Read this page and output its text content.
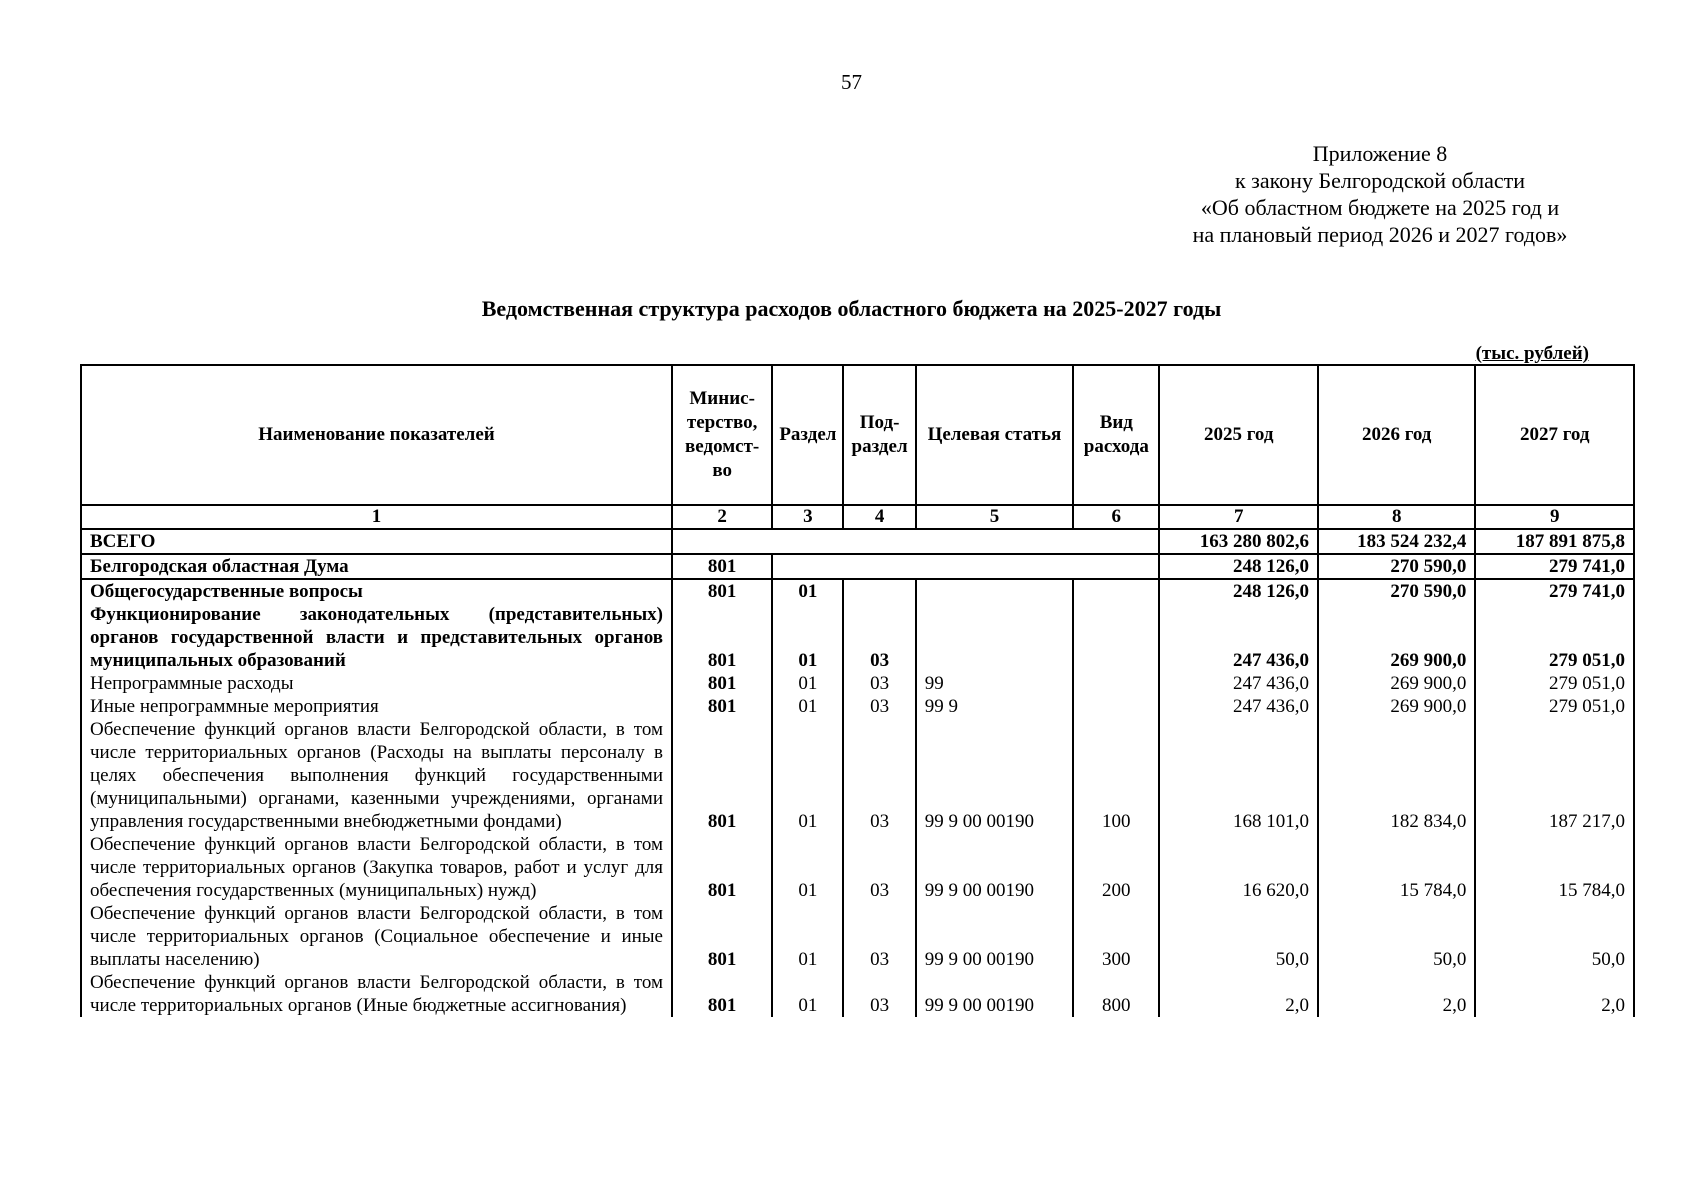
57
Приложение 8
к закону Белгородской области
«Об областном бюджете на 2025 год и
на плановый период 2026 и 2027 годов»
Ведомственная структура расходов областного бюджета на 2025-2027 годы
(тыс. рублей)
Наименование показателей	Минис-терство, ведомст-во	Раздел	Под-раздел	Целевая статья	Вид расхода	2025 год	2026 год	2027 год
1	2	3	4	5	6	7	8	9
ВСЕГО						163 280 802,6	183 524 232,4	187 891 875,8
Белгородская областная Дума	801					248 126,0	270 590,0	279 741,0
Общегосударственные вопросы	801	01				248 126,0	270 590,0	279 741,0
Функционирование законодательных (представительных) органов государственной власти и представительных органов муниципальных образований	801	01	03			247 436,0	269 900,0	279 051,0
Непрограммные расходы	801	01	03	99		247 436,0	269 900,0	279 051,0
Иные непрограммные мероприятия	801	01	03	99 9		247 436,0	269 900,0	279 051,0
Обеспечение функций органов власти Белгородской области, в том числе территориальных органов (Расходы на выплаты персоналу в целях обеспечения выполнения функций государственными (муниципальными) органами, казенными учреждениями, органами управления государственными внебюджетными фондами)	801	01	03	99 9 00 00190	100	168 101,0	182 834,0	187 217,0
Обеспечение функций органов власти Белгородской области, в том числе территориальных органов (Закупка товаров, работ и услуг для обеспечения государственных (муниципальных) нужд)	801	01	03	99 9 00 00190	200	16 620,0	15 784,0	15 784,0
Обеспечение функций органов власти Белгородской области, в том числе территориальных органов (Социальное обеспечение и иные выплаты населению)	801	01	03	99 9 00 00190	300	50,0	50,0	50,0
Обеспечение функций органов власти Белгородской области, в том числе территориальных органов (Иные бюджетные ассигнования)	801	01	03	99 9 00 00190	800	2,0	2,0	2,0
